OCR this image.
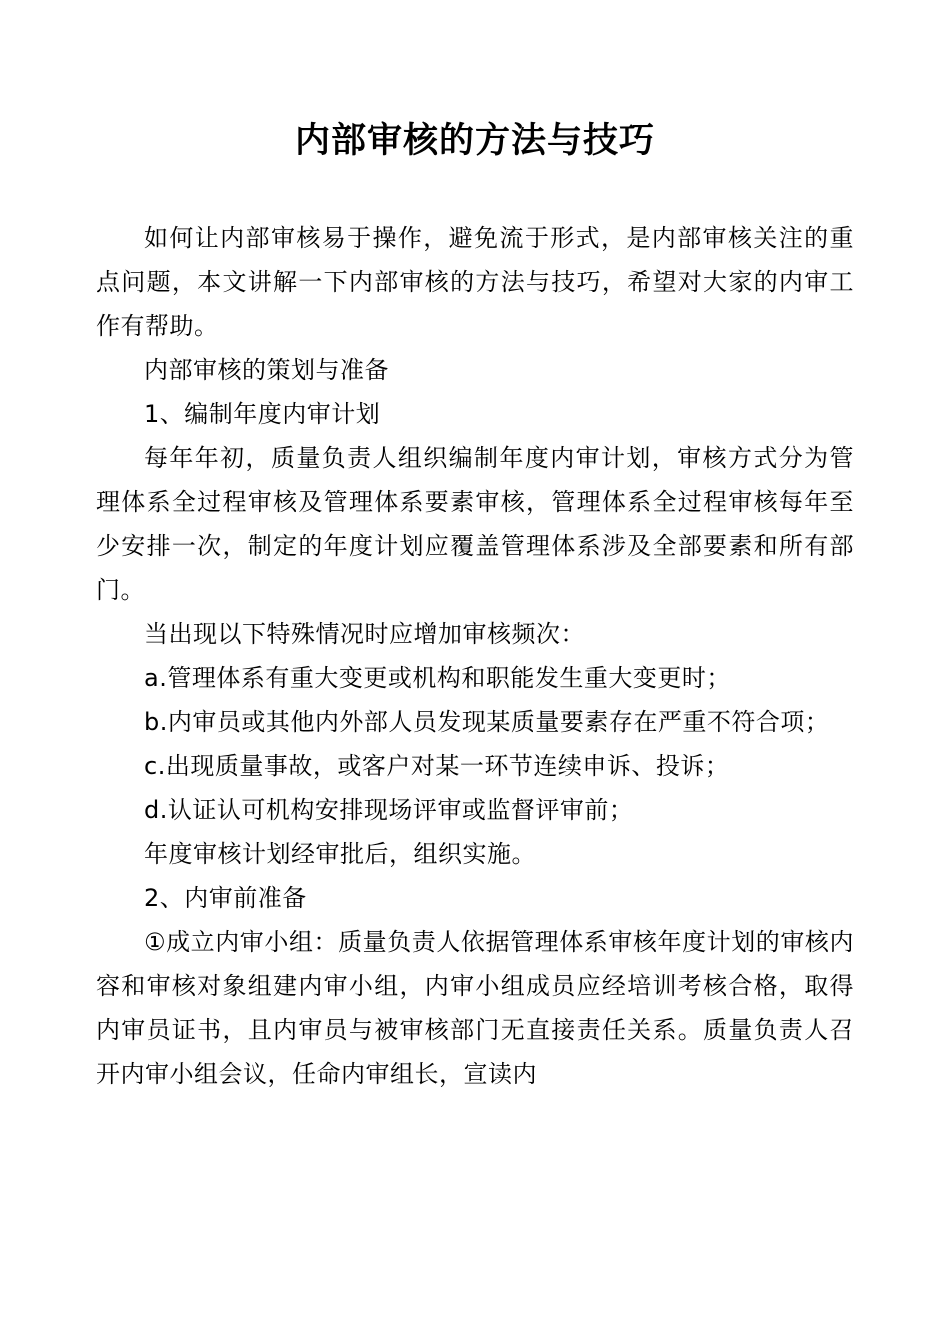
内部审核的方法与技巧

如何让内部审核易于操作，避免流于形式，是内部审核关注的重点问题，本文讲解一下内部审核的方法与技巧，希望对大家的内审工作有帮助。

内部审核的策划与准备

1、编制年度内审计划

每年年初，质量负责人组织编制年度内审计划，审核方式分为管理体系全过程审核及管理体系要素审核，管理体系全过程审核每年至少安排一次，制定的年度计划应覆盖管理体系涉及全部要素和所有部门。

当出现以下特殊情况时应增加审核频次：

a.管理体系有重大变更或机构和职能发生重大变更时；

b.内审员或其他内外部人员发现某质量要素存在严重不符合项；

c.出现质量事故，或客户对某一环节连续申诉、投诉；

d.认证认可机构安排现场评审或监督评审前；

年度审核计划经审批后，组织实施。

2、内审前准备

①成立内审小组：质量负责人依据管理体系审核年度计划的审核内容和审核对象组建内审小组，内审小组成员应经培训考核合格，取得内审员证书，且内审员与被审核部门无直接责任关系。质量负责人召开内审小组会议，任命内审组长，宣读内
